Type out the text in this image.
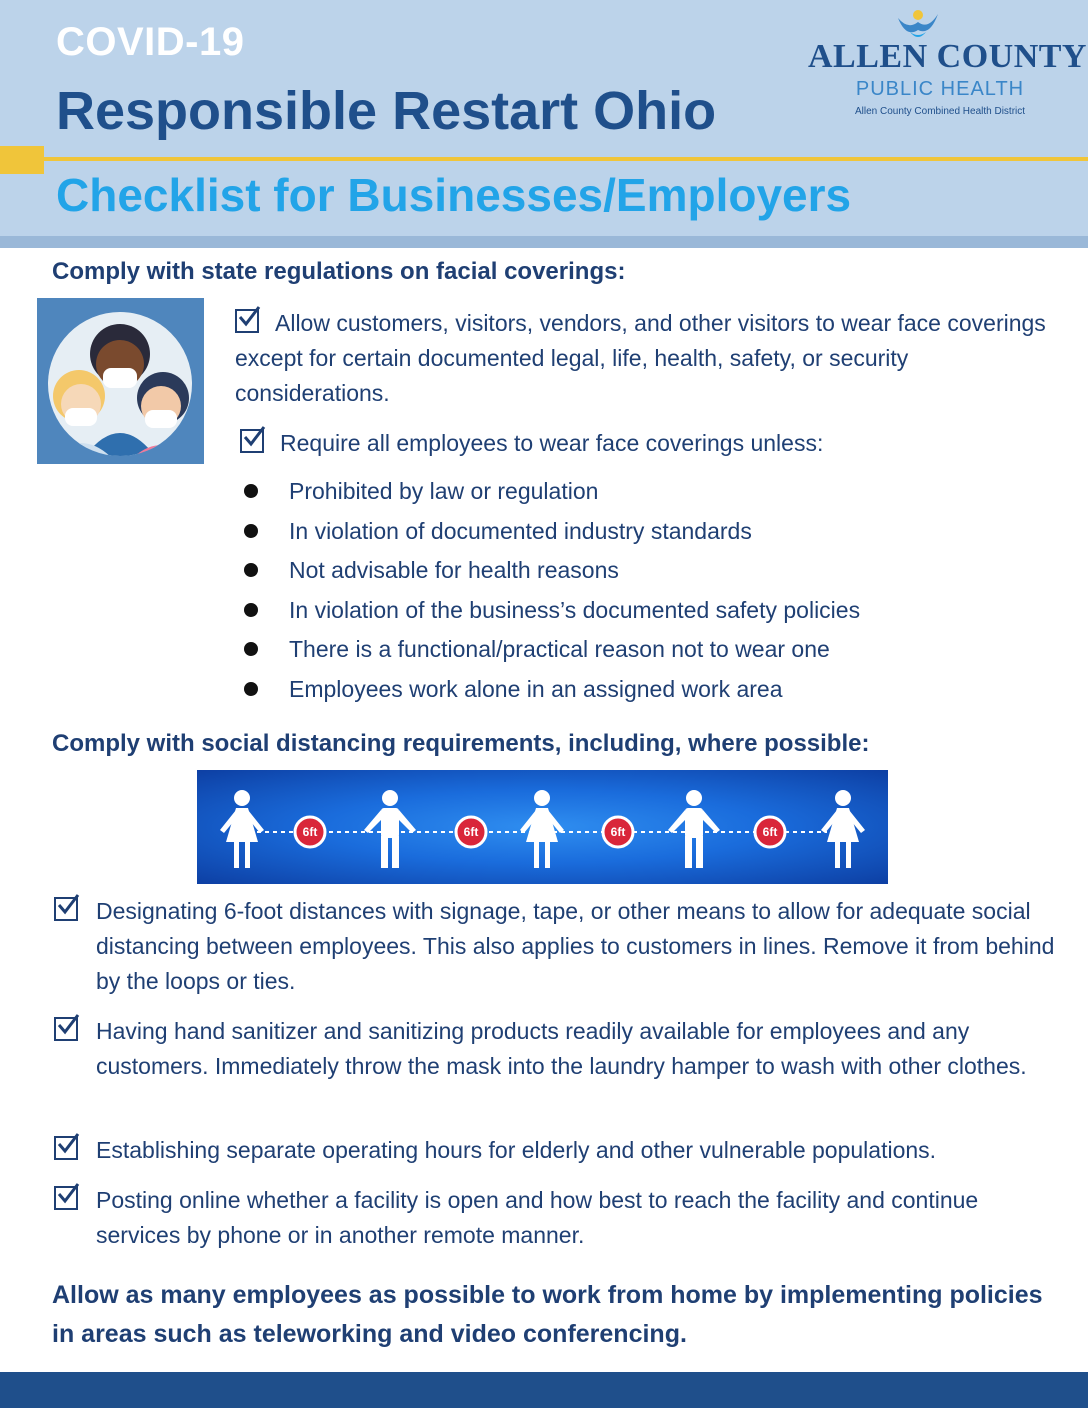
COVID-19
Responsible Restart Ohio
Checklist for Businesses/Employers
ALLEN COUNTY
PUBLIC HEALTH
Allen County Combined Health District
Comply with state regulations on facial coverings:
Allow customers, visitors, vendors, and other visitors to wear face coverings except for certain documented legal, life, health, safety, or security considerations.
Require all employees to wear face coverings unless:
Prohibited by law or regulation
In violation of documented industry standards
Not advisable for health reasons
In violation of the business’s documented safety policies
There is a functional/practical reason not to wear one
Employees work alone in an assigned work area
Comply with social distancing requirements, including, where possible:
6ft	6ft	6ft	6ft
Designating 6-foot distances with signage, tape, or other means to allow for adequate social distancing between employees. This also applies to customers in lines. Remove it from behind by the loops or ties.
Having hand sanitizer and sanitizing products readily available for employees and any customers. Immediately throw the mask into the laundry hamper to wash with other clothes.
Establishing separate operating hours for elderly and other vulnerable populations.
Posting online whether a facility is open and how best to reach the facility and continue services by phone or in another remote manner.
Allow as many employees as possible to work from home by implementing policies in areas such as teleworking and video conferencing.
